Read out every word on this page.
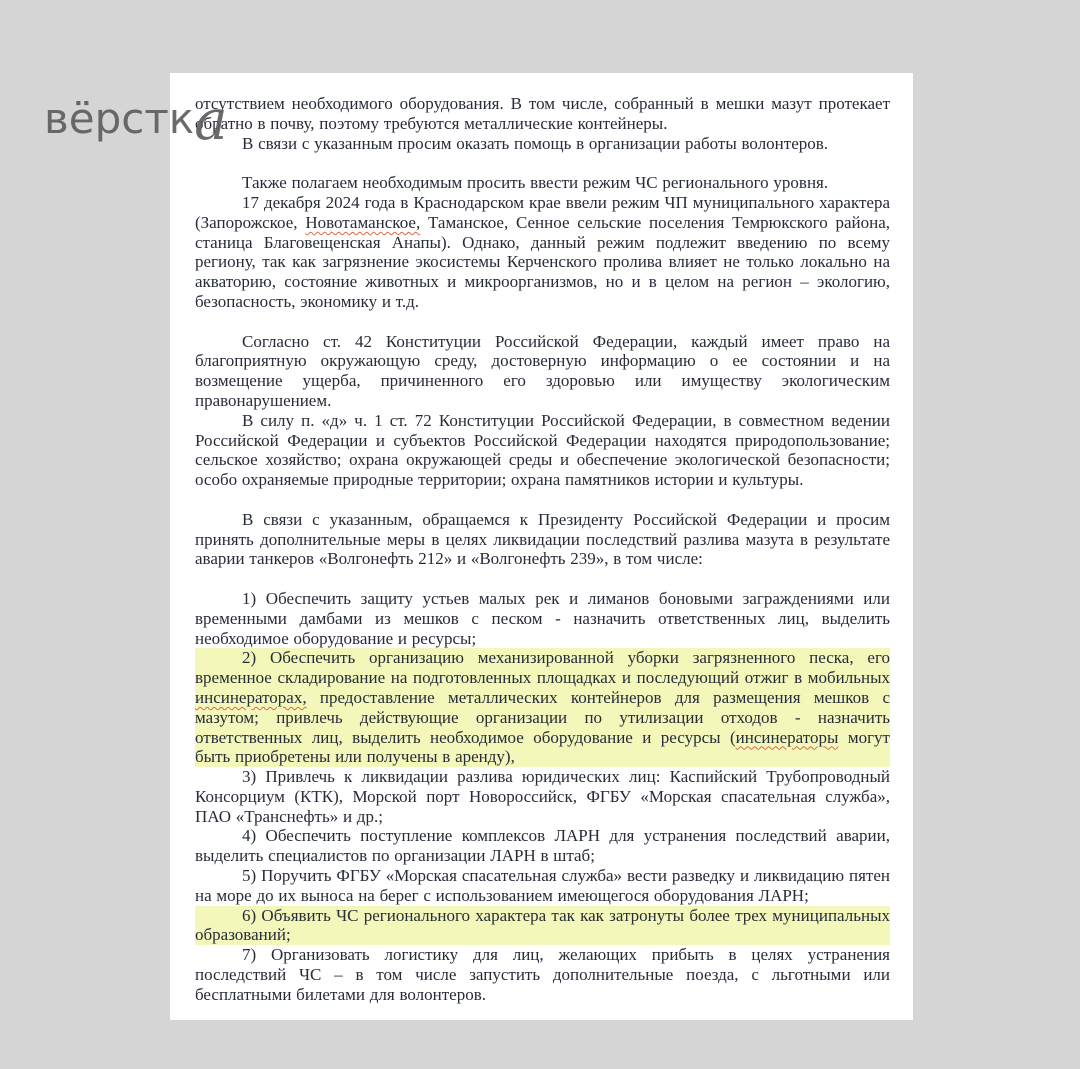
отсутствием необходимого оборудования. В том числе, собранный в мешки мазут протекает обратно в почву, поэтому требуются металлические контейнеры.

В связи с указанным просим оказать помощь в организации работы волонтеров.

Также полагаем необходимым просить ввести режим ЧС регионального уровня.

17 декабря 2024 года в Краснодарском крае ввели режим ЧП муниципального характера (Запорожское, Новотаманское, Таманское, Сенное сельские поселения Темрюкского района, станица Благовещенская Анапы). Однако, данный режим подлежит введению по всему региону, так как загрязнение экосистемы Керченского пролива влияет не только локально на акваторию, состояние животных и микроорганизмов, но и в целом на регион – экологию, безопасность, экономику и т.д.

Согласно ст. 42 Конституции Российской Федерации, каждый имеет право на благоприятную окружающую среду, достоверную информацию о ее состоянии и на возмещение ущерба, причиненного его здоровью или имуществу экологическим правонарушением.

В силу п. «д» ч. 1 ст. 72 Конституции Российской Федерации, в совместном ведении Российской Федерации и субъектов Российской Федерации находятся природопользование; сельское хозяйство; охрана окружающей среды и обеспечение экологической безопасности; особо охраняемые природные территории; охрана памятников истории и культуры.

В связи с указанным, обращаемся к Президенту Российской Федерации и просим принять дополнительные меры в целях ликвидации последствий разлива мазута в результате аварии танкеров «Волгонефть 212» и «Волгонефть 239», в том числе:

1) Обеспечить защиту устьев малых рек и лиманов боновыми заграждениями или временными дамбами из мешков с песком - назначить ответственных лиц, выделить необходимое оборудование и ресурсы;

2) Обеспечить организацию механизированной уборки загрязненного песка, его временное складирование на подготовленных площадках и последующий отжиг в мобильных инсинераторах, предоставление металлических контейнеров для размещения мешков с мазутом; привлечь действующие организации по утилизации отходов - назначить ответственных лиц, выделить необходимое оборудование и ресурсы (инсинераторы могут быть приобретены или получены в аренду),

3) Привлечь к ликвидации разлива юридических лиц: Каспийский Трубопроводный Консорциум (КТК), Морской порт Новороссийск, ФГБУ «Морская спасательная служба», ПАО «Транснефть» и др.;

4) Обеспечить поступление комплексов ЛАРН для устранения последствий аварии, выделить специалистов по организации ЛАРН в штаб;

5) Поручить ФГБУ «Морская спасательная служба» вести разведку и ликвидацию пятен на море до их выноса на берег с использованием имеющегося оборудования ЛАРН;

6) Объявить ЧС регионального характера так как затронуты более трех муниципальных образований;

7) Организовать логистику для лиц, желающих прибыть в целях устранения последствий ЧС – в том числе запустить дополнительные поезда, с льготными или бесплатными билетами для волонтеров.

вёрстка
